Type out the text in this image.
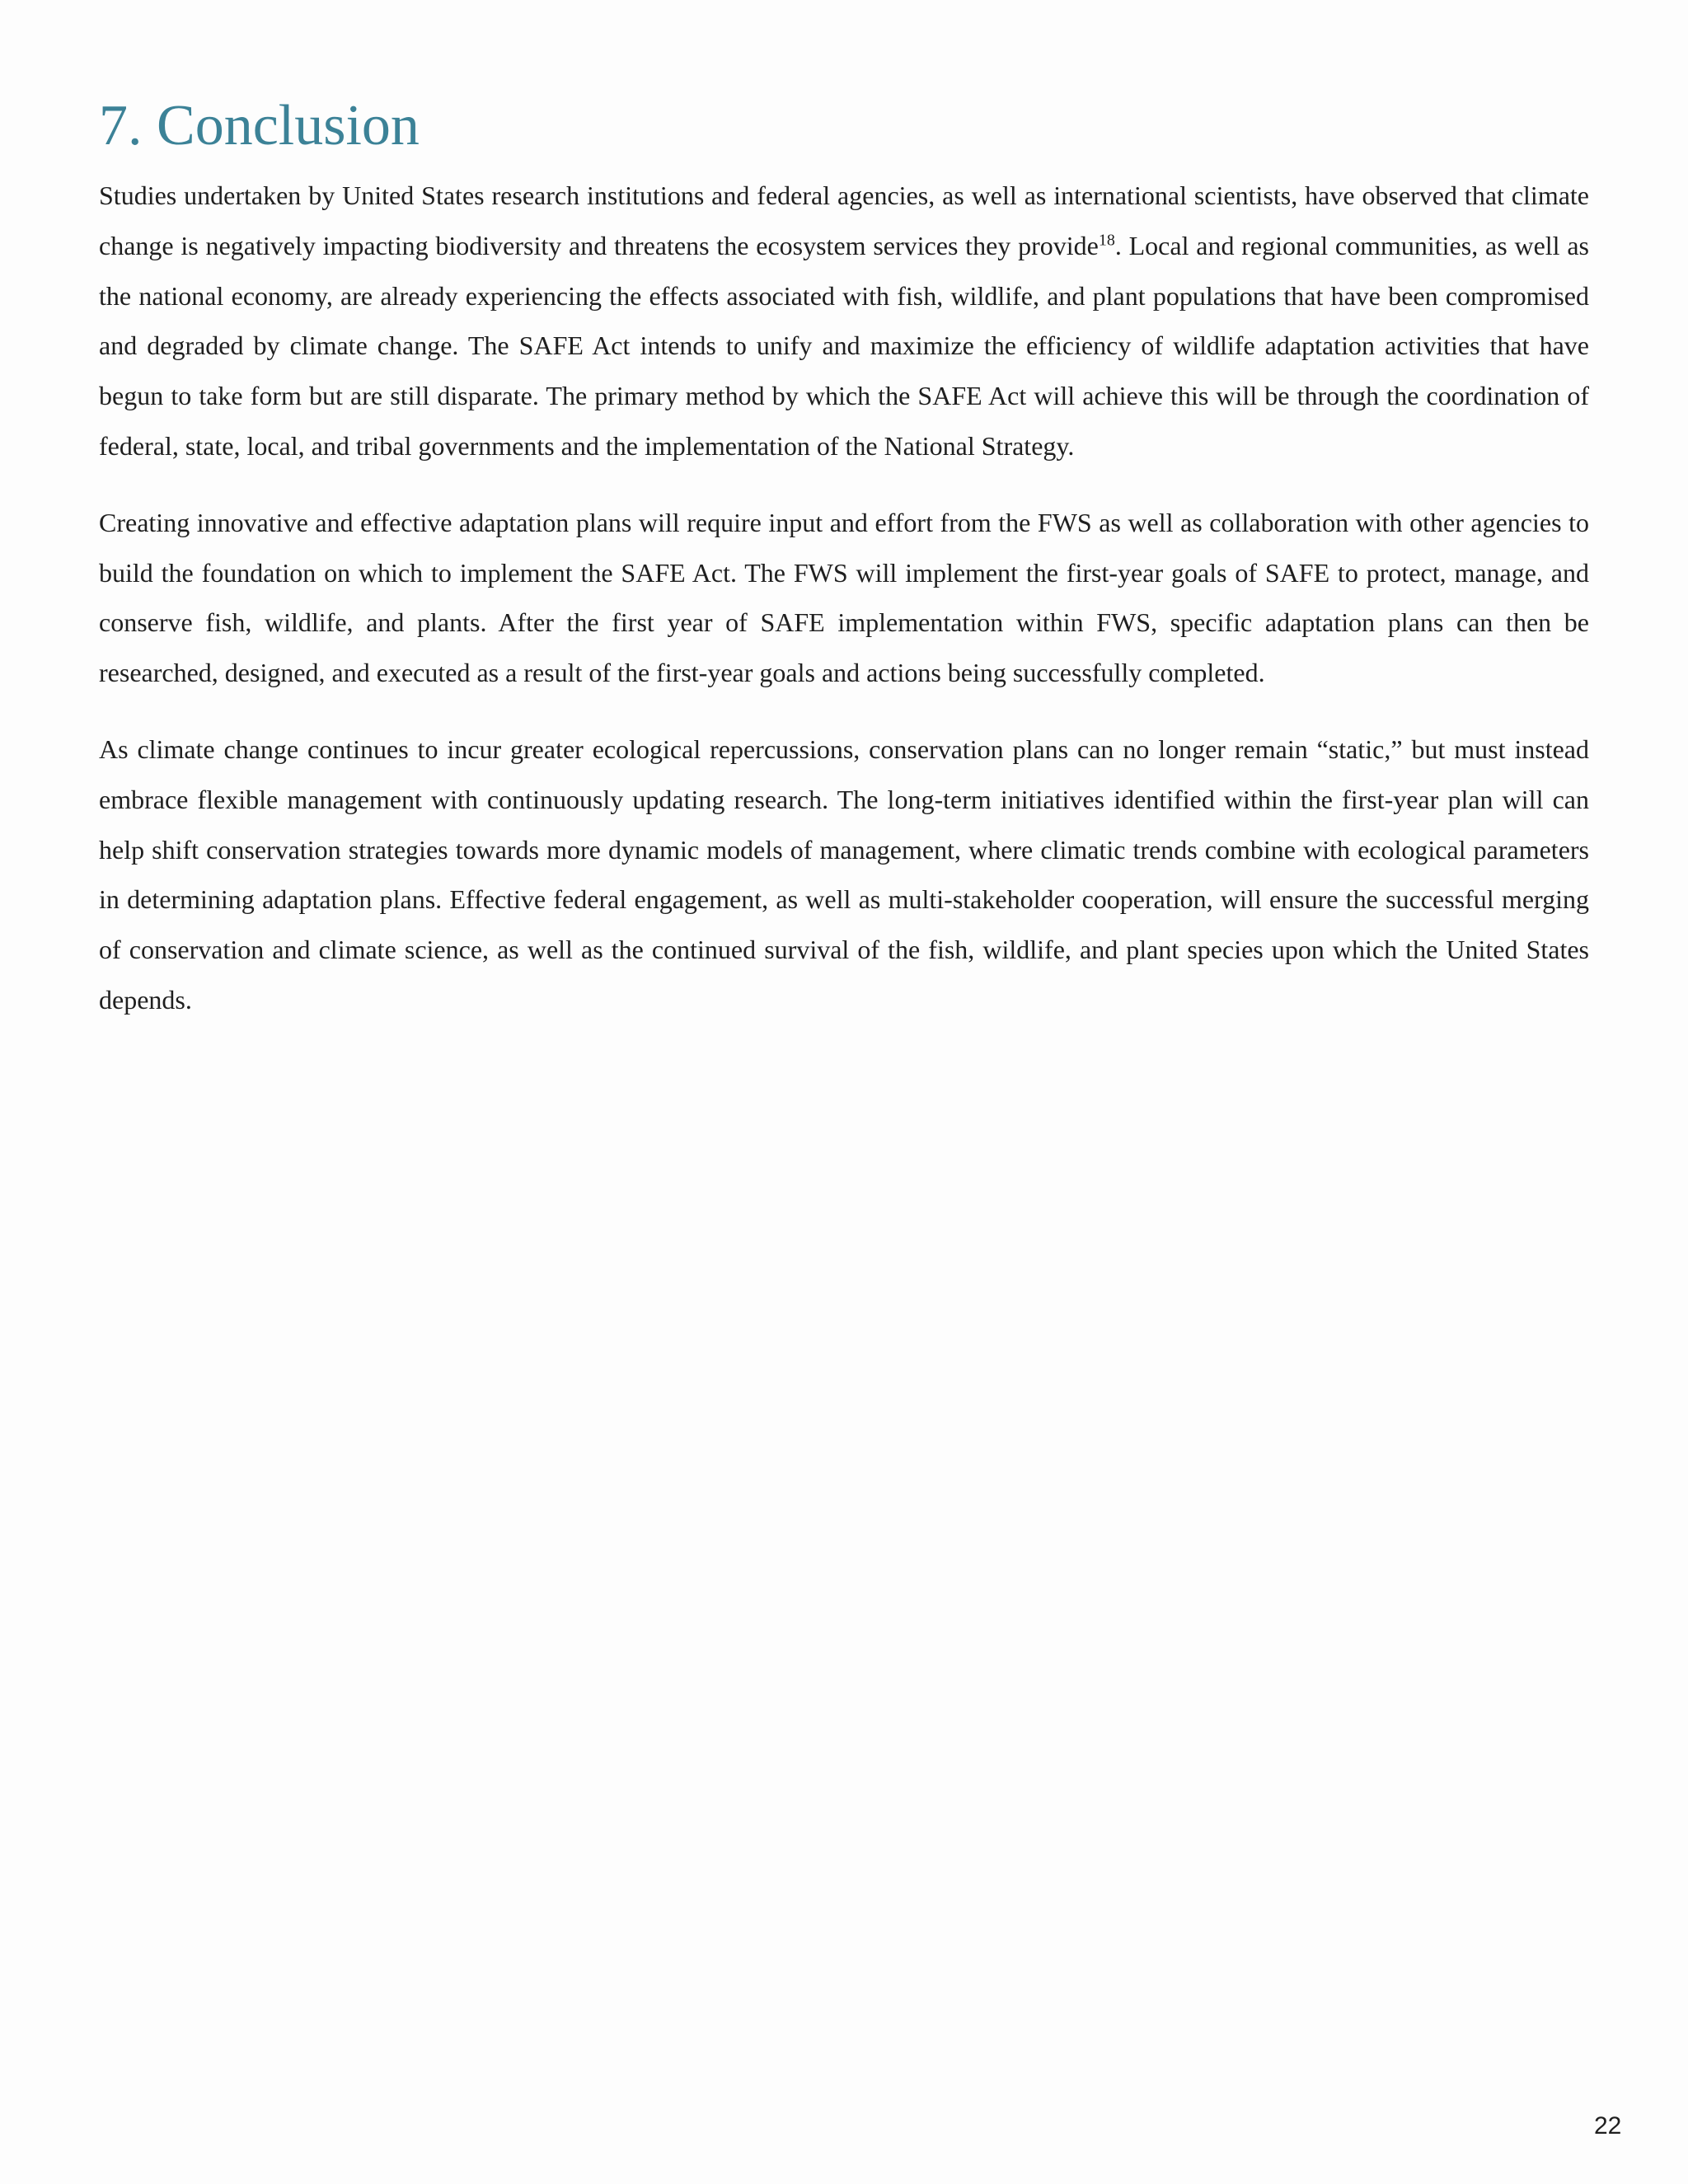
7. Conclusion

Studies undertaken by United States research institutions and federal agencies, as well as international scientists, have observed that climate change is negatively impacting biodiversity and threatens the ecosystem services they provide$^{18}$. Local and regional communities, as well as the national economy, are already experiencing the effects associated with fish, wildlife, and plant populations that have been compromised and degraded by climate change. The SAFE Act intends to unify and maximize the efficiency of wildlife adaptation activities that have begun to take form but are still disparate. The primary method by which the SAFE Act will achieve this will be through the coordination of federal, state, local, and tribal governments and the implementation of the National Strategy.

Creating innovative and effective adaptation plans will require input and effort from the FWS as well as collaboration with other agencies to build the foundation on which to implement the SAFE Act. The FWS will implement the first-year goals of SAFE to protect, manage, and conserve fish, wildlife, and plants. After the first year of SAFE implementation within FWS, specific adaptation plans can then be researched, designed, and executed as a result of the first-year goals and actions being successfully completed.

As climate change continues to incur greater ecological repercussions, conservation plans can no longer remain “static,” but must instead embrace flexible management with continuously updating research. The long-term initiatives identified within the first-year plan will can help shift conservation strategies towards more dynamic models of management, where climatic trends combine with ecological parameters in determining adaptation plans. Effective federal engagement, as well as multi-stakeholder cooperation, will ensure the successful merging of conservation and climate science, as well as the continued survival of the fish, wildlife, and plant species upon which the United States depends.

22
